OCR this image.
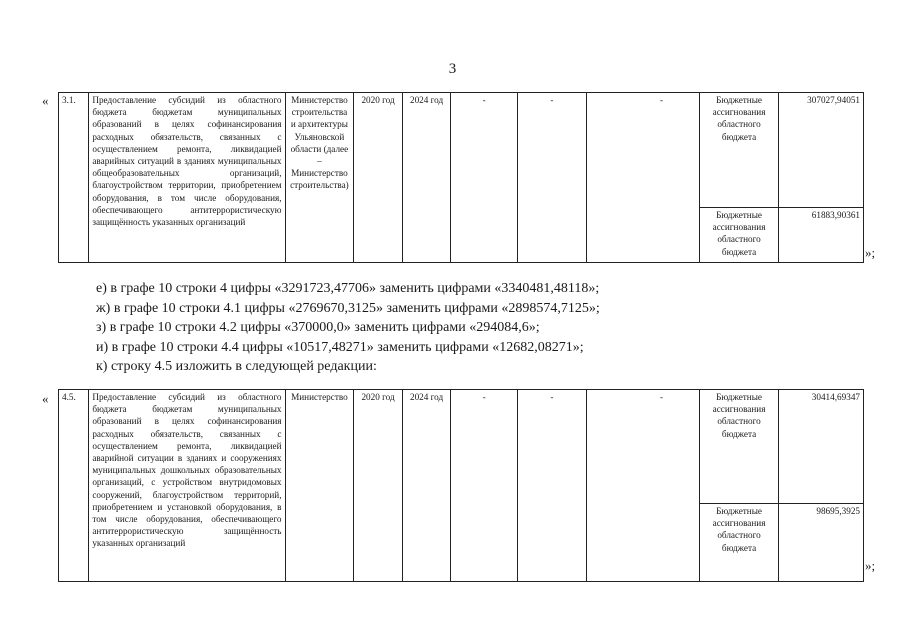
3
« 3.1.	Предоставление субсидий из областного бюджета бюджетам муниципальных образований в целях софинансирования расходных обязательств, связанных с осуществлением ремонта, ликвидацией аварийных ситуаций в зданиях муниципальных общеобразовательных организаций, благоустройством территории, приобретением оборудования, в том числе оборудования, обеспечивающего антитеррористическую защищённость указанных организаций	Министерство строительства и архитектуры Ульяновской области (далее – Министерство строительства)	2020 год	2024 год	-	-	-	Бюджетные ассигнования областного бюджета	307027,94051
								Бюджетные ассигнования областного бюджета	61883,90361
»;
е) в графе 10 строки 4 цифры «3291723,47706» заменить цифрами «3340481,48118»;
ж) в графе 10 строки 4.1 цифры «2769670,3125» заменить цифрами «2898574,7125»;
з) в графе 10 строки 4.2 цифры «370000,0» заменить цифрами «294084,6»;
и) в графе 10 строки 4.4 цифры «10517,48271» заменить цифрами «12682,08271»;
к) строку 4.5 изложить в следующей редакции:
« 4.5.	Предоставление субсидий из областного бюджета бюджетам муниципальных образований в целях софинансирования расходных обязательств, связанных с осуществлением ремонта, ликвидацией аварийной ситуации в зданиях и сооружениях муниципальных дошкольных образовательных организаций, с устройством внутридомовых сооружений, благоустройством территорий, приобретением и установкой оборудования, в том числе оборудования, обеспечивающего антитеррористическую защищённость указанных организаций	Министерство	2020 год	2024 год	-	-	-	Бюджетные ассигнования областного бюджета	30414,69347
								Бюджетные ассигнования областного бюджета	98695,3925
»;
